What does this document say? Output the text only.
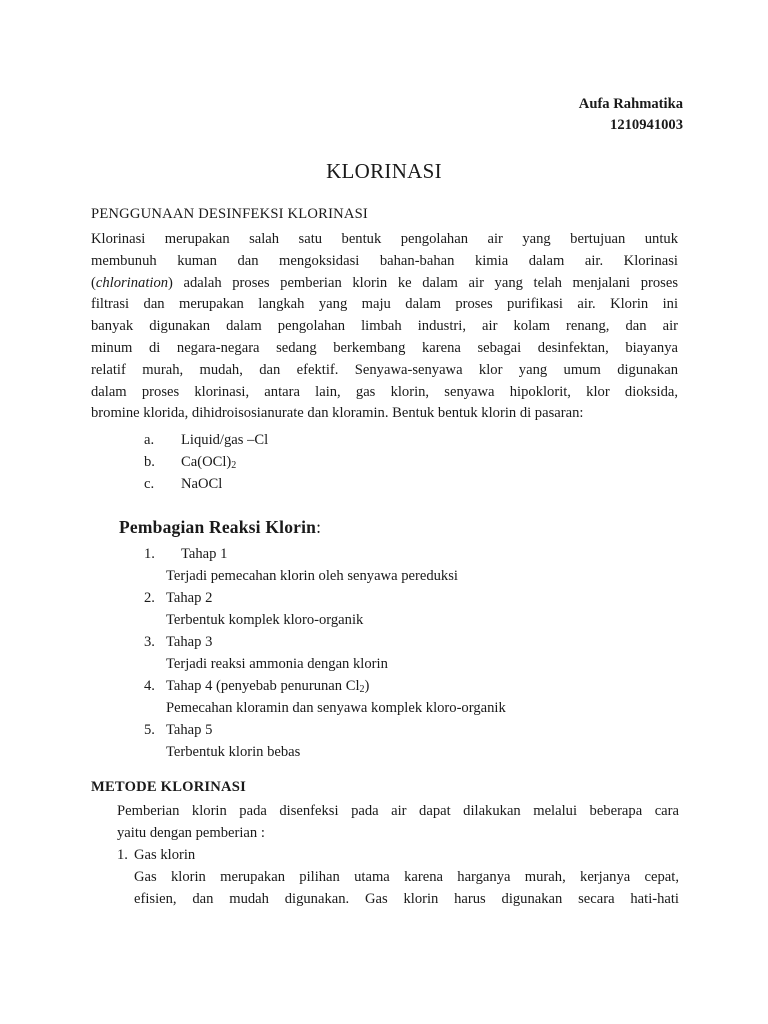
Aufa Rahmatika
1210941003
KLORINASI
PENGGUNAAN DESINFEKSI KLORINASI
Klorinasi merupakan salah satu bentuk pengolahan air yang bertujuan untuk
membunuh kuman dan mengoksidasi bahan-bahan kimia dalam air. Klorinasi
(chlorination) adalah proses pemberian klorin ke dalam air yang telah menjalani proses
filtrasi dan merupakan langkah yang maju dalam proses purifikasi air. Klorin ini
banyak digunakan dalam pengolahan limbah industri, air kolam renang, dan air
minum di negara-negara sedang berkembang karena sebagai desinfektan, biayanya
relatif murah, mudah, dan efektif. Senyawa-senyawa klor yang umum digunakan
dalam proses klorinasi, antara lain, gas klorin, senyawa hipoklorit, klor dioksida,
bromine klorida, dihidroisosianurate dan kloramin. Bentuk bentuk klorin di pasaran:
a. Liquid/gas –Cl
b. Ca(OCl)2
c. NaOCl
Pembagian Reaksi Klorin:
1. Tahap 1
Terjadi pemecahan klorin oleh senyawa pereduksi
2. Tahap 2
Terbentuk komplek kloro-organik
3. Tahap 3
Terjadi reaksi ammonia dengan klorin
4. Tahap 4 (penyebab penurunan Cl2)
Pemecahan kloramin dan senyawa komplek kloro-organik
5. Tahap 5
Terbentuk klorin bebas
METODE KLORINASI
Pemberian klorin pada disenfeksi pada air dapat dilakukan melalui beberapa cara
yaitu dengan pemberian :
1. Gas klorin
Gas klorin merupakan pilihan utama karena harganya murah, kerjanya cepat,
efisien, dan mudah digunakan. Gas klorin harus digunakan secara hati-hati
